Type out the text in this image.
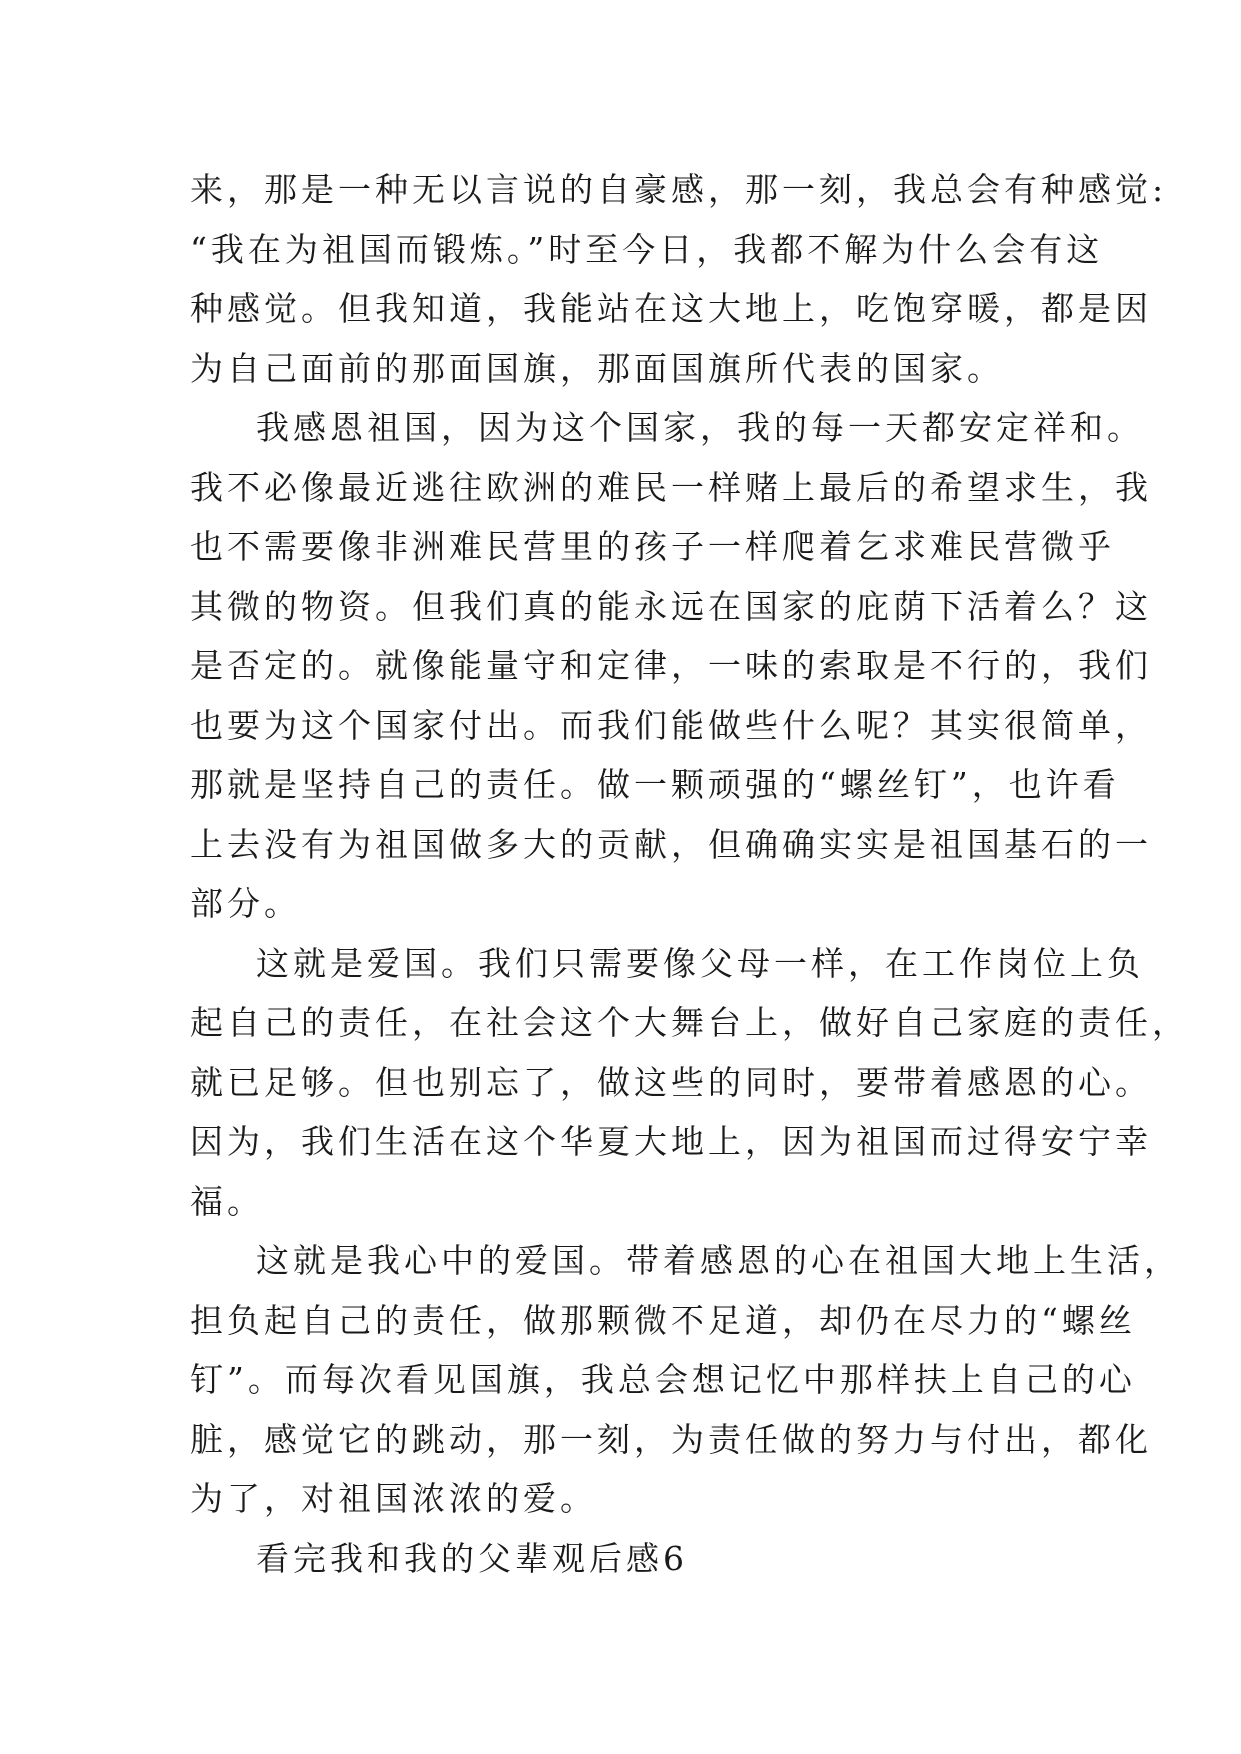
来，那是一种无以言说的自豪感，那一刻，我总会有种感觉:
“我在为祖国而锻炼。”时至今日，我都不解为什么会有这
种感觉。但我知道，我能站在这大地上，吃饱穿暖，都是因
为自己面前的那面国旗，那面国旗所代表的国家。
我感恩祖国，因为这个国家，我的每一天都安定祥和。
我不必像最近逃往欧洲的难民一样赌上最后的希望求生，我
也不需要像非洲难民营里的孩子一样爬着乞求难民营微乎
其微的物资。但我们真的能永远在国家的庇荫下活着么？这
是否定的。就像能量守和定律，一味的索取是不行的，我们
也要为这个国家付出。而我们能做些什么呢？其实很简单，
那就是坚持自己的责任。做一颗顽强的“螺丝钉”，也许看
上去没有为祖国做多大的贡献，但确确实实是祖国基石的一
部分。
这就是爱国。我们只需要像父母一样，在工作岗位上负
起自己的责任，在社会这个大舞台上，做好自己家庭的责任，
就已足够。但也别忘了，做这些的同时，要带着感恩的心。
因为，我们生活在这个华夏大地上，因为祖国而过得安宁幸
福。
这就是我心中的爱国。带着感恩的心在祖国大地上生活，
担负起自己的责任，做那颗微不足道，却仍在尽力的“螺丝
钉”。而每次看见国旗，我总会想记忆中那样扶上自己的心
脏，感觉它的跳动，那一刻，为责任做的努力与付出，都化
为了，对祖国浓浓的爱。
看完我和我的父辈观后感6
